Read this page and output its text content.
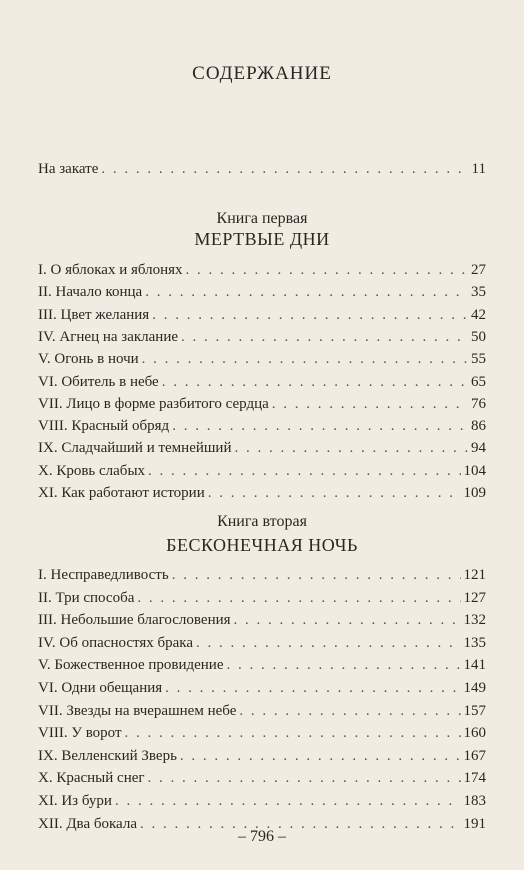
СОДЕРЖАНИЕ
На закате . . .	11
Книга первая
МЕРТВЫЕ ДНИ
I. О яблоках и яблонях . . .	27
II. Начало конца . . .	35
III. Цвет желания . . .	42
IV. Агнец на заклание . . .	50
V. Огонь в ночи . . .	55
VI. Обитель в небе . . .	65
VII. Лицо в форме разбитого сердца . . .	76
VIII. Красный обряд . . .	86
IX. Сладчайший и темнейший . . .	94
X. Кровь слабых . . .	104
XI. Как работают истории . . .	109
Книга вторая
БЕСКОНЕЧНАЯ НОЧЬ
I. Несправедливость . . .	121
II. Три способа . . .	127
III. Небольшие благословения . . .	132
IV. Об опасностях брака . . .	135
V. Божественное провидение . . .	141
VI. Одни обещания . . .	149
VII. Звезды на вчерашнем небе . . .	157
VIII. У ворот . . .	160
IX. Велленский Зверь . . .	167
X. Красный снег . . .	174
XI. Из бури . . .	183
XII. Два бокала . . .	191
– 796 –
